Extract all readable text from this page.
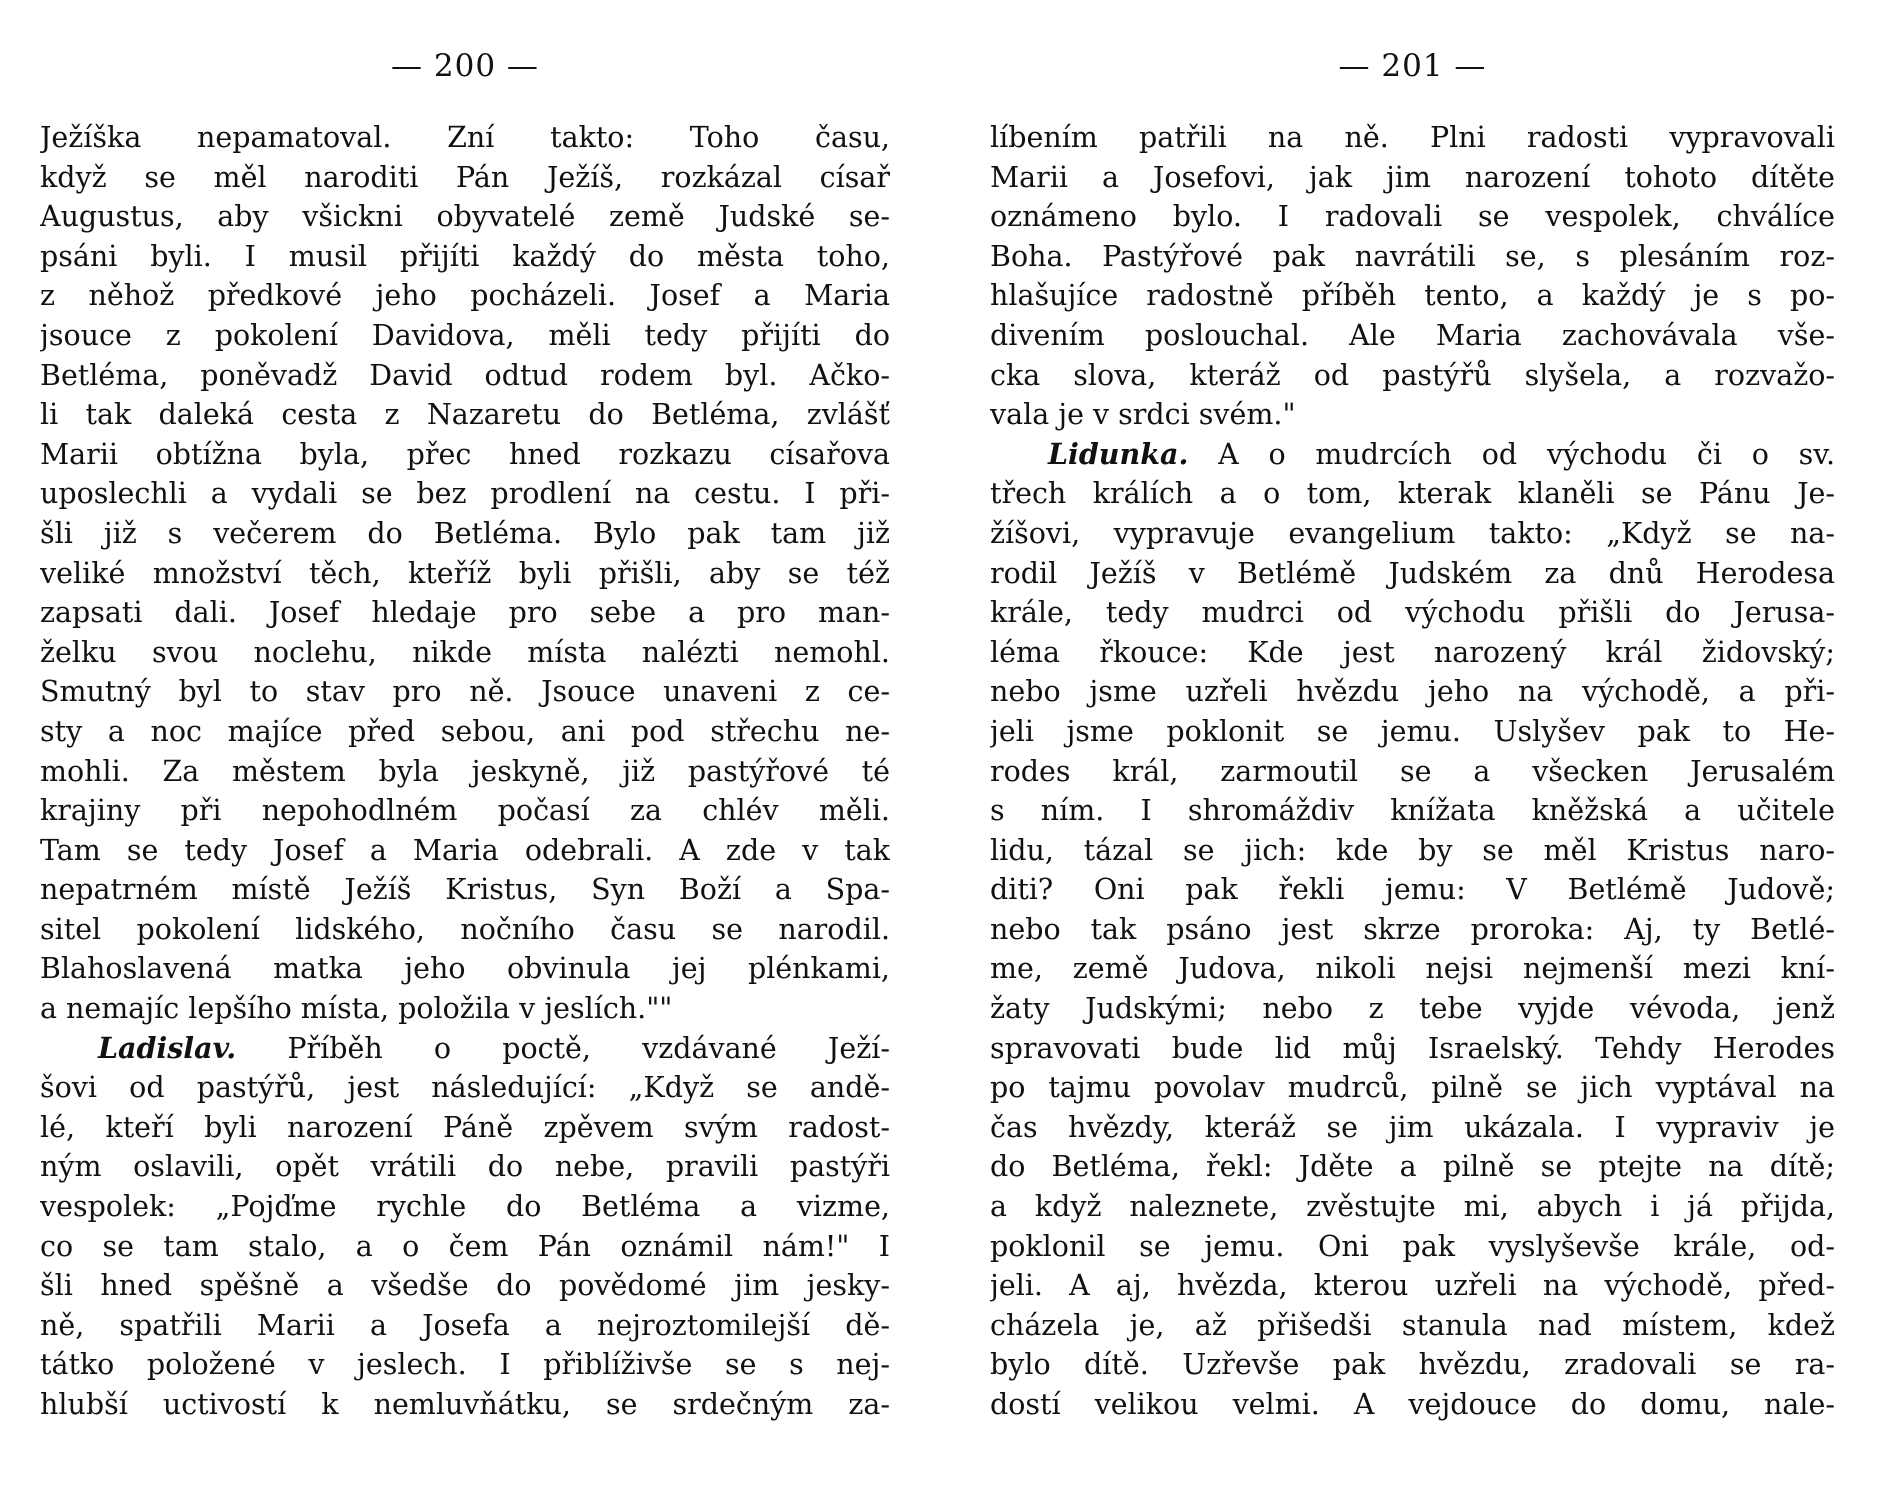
— 200 —
Ježíška nepamatoval. Zní takto: Toho času,
když se měl naroditi Pán Ježíš, rozkázal císař
Augustus, aby všickni obyvatelé země Judské se-
psáni byli. I musil přijíti každý do města toho,
z něhož předkové jeho pocházeli. Josef a Maria
jsouce z pokolení Davidova, měli tedy přijíti do
Betléma, poněvadž David odtud rodem byl. Ačko-
li tak daleká cesta z Nazaretu do Betléma, zvlášť
Marii obtížna byla, přec hned rozkazu císařova
uposlechli a vydali se bez prodlení na cestu. I při-
šli již s večerem do Betléma. Bylo pak tam již
veliké množství těch, kteříž byli přišli, aby se též
zapsati dali. Josef hledaje pro sebe a pro man-
želku svou noclehu, nikde místa nalézti nemohl.
Smutný byl to stav pro ně. Jsouce unaveni z ce-
sty a noc majíce před sebou, ani pod střechu ne-
mohli. Za městem byla jeskyně, již pastýřové té
krajiny při nepohodlném počasí za chlév měli.
Tam se tedy Josef a Maria odebrali. A zde v tak
nepatrném místě Ježíš Kristus, Syn Boží a Spa-
sitel pokolení lidského, nočního času se narodil.
Blahoslavená matka jeho obvinula jej plénkami,
a nemajíc lepšího místa, položila v jeslích.""
Ladislav. Příběh o poctě, vzdávané Ježí-
šovi od pastýřů, jest následující: „Když se andě-
lé, kteří byli narození Páně zpěvem svým radost-
ným oslavili, opět vrátili do nebe, pravili pastýři
vespolek: „Pojďme rychle do Betléma a vizme,
co se tam stalo, a o čem Pán oznámil nám!" I
šli hned spěšně a všedše do povědomé jim jesky-
ně, spatřili Marii a Josefa a nejroztomilejší dě-
tátko položené v jeslech. I přiblíživše se s nej-
hlubší uctivostí k nemluvňátku, se srdečným za-
— 201 —
líbením patřili na ně. Plni radosti vypravovali
Marii a Josefovi, jak jim narození tohoto dítěte
oznámeno bylo. I radovali se vespolek, chválíce
Boha. Pastýřové pak navrátili se, s plesáním roz-
hlašujíce radostně příběh tento, a každý je s po-
divením poslouchal. Ale Maria zachovávala vše-
cka slova, kteráž od pastýřů slyšela, a rozvažo-
vala je v srdci svém."
Lidunka. A o mudrcích od východu či o sv.
třech králích a o tom, kterak klaněli se Pánu Je-
žíšovi, vypravuje evangelium takto: „Když se na-
rodil Ježíš v Betlémě Judském za dnů Herodesa
krále, tedy mudrci od východu přišli do Jerusa-
léma řkouce: Kde jest narozený král židovský;
nebo jsme uzřeli hvězdu jeho na východě, a při-
jeli jsme poklonit se jemu. Uslyšev pak to He-
rodes král, zarmoutil se a všecken Jerusalém
s ním. I shromáždiv knížata kněžská a učitele
lidu, tázal se jich: kde by se měl Kristus naro-
diti? Oni pak řekli jemu: V Betlémě Judově;
nebo tak psáno jest skrze proroka: Aj, ty Betlé-
me, země Judova, nikoli nejsi nejmenší mezi kní-
žaty Judskými; nebo z tebe vyjde vévoda, jenž
spravovati bude lid můj Israelský. Tehdy Herodes
po tajmu povolav mudrců, pilně se jich vyptával na
čas hvězdy, kteráž se jim ukázala. I vypraviv je
do Betléma, řekl: Jděte a pilně se ptejte na dítě;
a když naleznete, zvěstujte mi, abych i já přijda,
poklonil se jemu. Oni pak vyslyševše krále, od-
jeli. A aj, hvězda, kterou uzřeli na východě, před-
cházela je, až přišedši stanula nad místem, kdež
bylo dítě. Uzřevše pak hvězdu, zradovali se ra-
dostí velikou velmi. A vejdouce do domu, nale-
